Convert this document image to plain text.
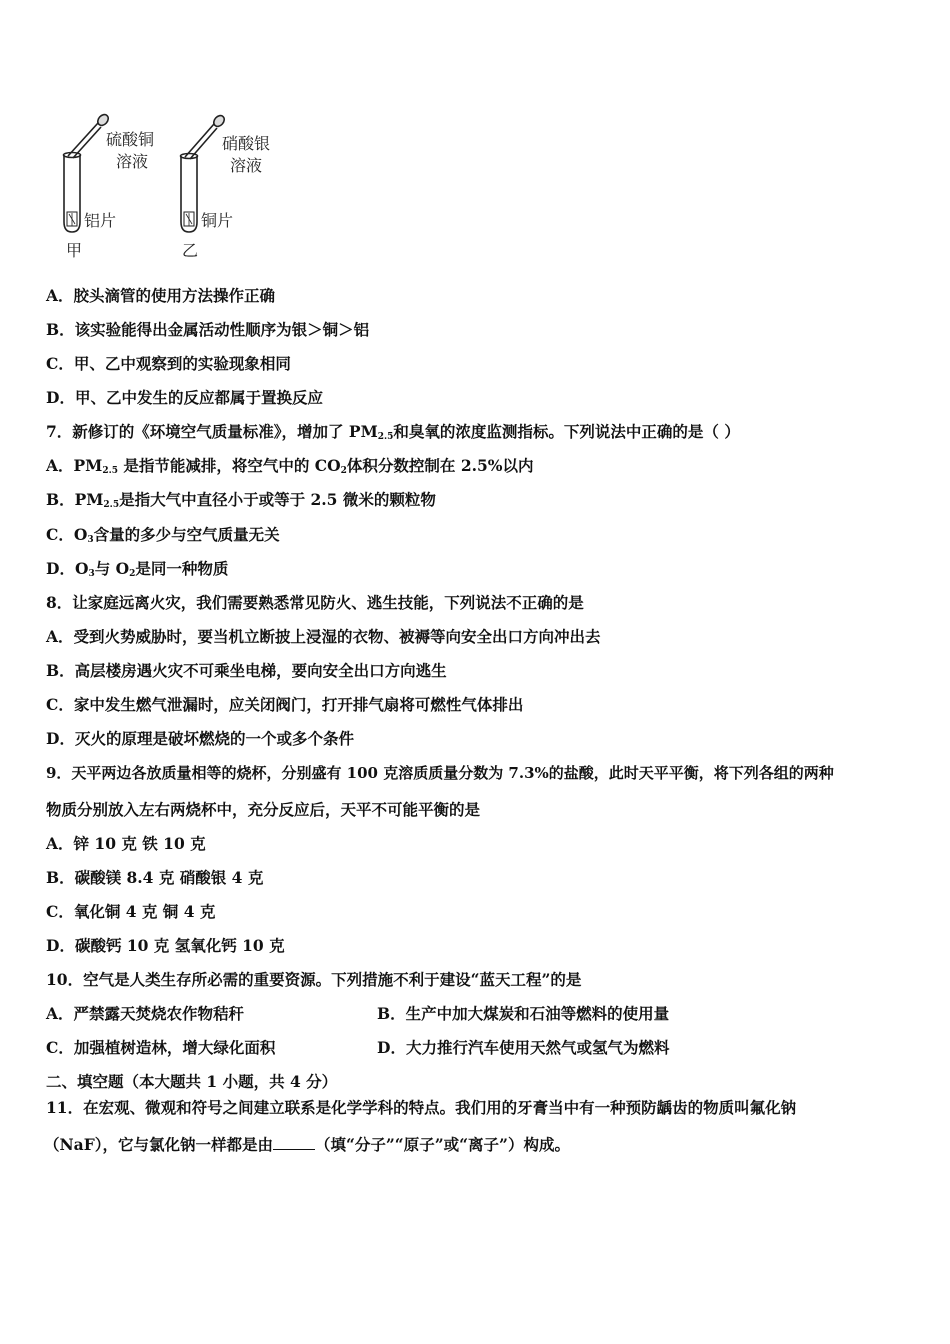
硫酸铜
溶液
铝片
甲
硝酸银
溶液
铜片
乙
A．胶头滴管的使用方法操作正确
B．该实验能得出金属活动性顺序为银＞铜＞铝
C．甲、乙中观察到的实验现象相同
D．甲、乙中发生的反应都属于置换反应
7．新修订的《环境空气质量标准》，增加了 $PM_{2.5}$和臭氧的浓度监测指标。下列说法中正确的是（ ）
A．$PM_{2.5}$ 是指节能减排，将空气中的 $CO_2$体积分数控制在 2.5%以内
B．$PM_{2.5}$是指大气中直径小于或等于 2.5 微米的颗粒物
C．$O_3$含量的多少与空气质量无关
D．$O_3$与 $O_2$是同一种物质
8．让家庭远离火灾，我们需要熟悉常见防火、逃生技能，下列说法不正确的是
A．受到火势威胁时，要当机立断披上浸湿的衣物、被褥等向安全出口方向冲出去
B．高层楼房遇火灾不可乘坐电梯，要向安全出口方向逃生
C．家中发生燃气泄漏时，应关闭阀门，打开排气扇将可燃性气体排出
D．灭火的原理是破坏燃烧的一个或多个条件
9．天平两边各放质量相等的烧杯，分别盛有 100 克溶质质量分数为 7.3%的盐酸，此时天平平衡，将下列各组的两种
物质分别放入左右两烧杯中，充分反应后，天平不可能平衡的是
A．锌 10 克 铁 10 克
B．碳酸镁 8.4 克 硝酸银 4 克
C．氧化铜 4 克 铜 4 克
D．碳酸钙 10 克 氢氧化钙 10 克
10．空气是人类生存所必需的重要资源。下列措施不利于建设“蓝天工程”的是
A．严禁露天焚烧农作物秸秆	B．生产中加大煤炭和石油等燃料的使用量
C．加强植树造林，增大绿化面积	D．大力推行汽车使用天然气或氢气为燃料
二、填空题（本大题共 1 小题，共 4 分）
11．在宏观、微观和符号之间建立联系是化学学科的特点。我们用的牙膏当中有一种预防龋齿的物质叫氟化钠
（NaF），它与氯化钠一样都是由	（填“分子”“原子”或“离子”）构成。
